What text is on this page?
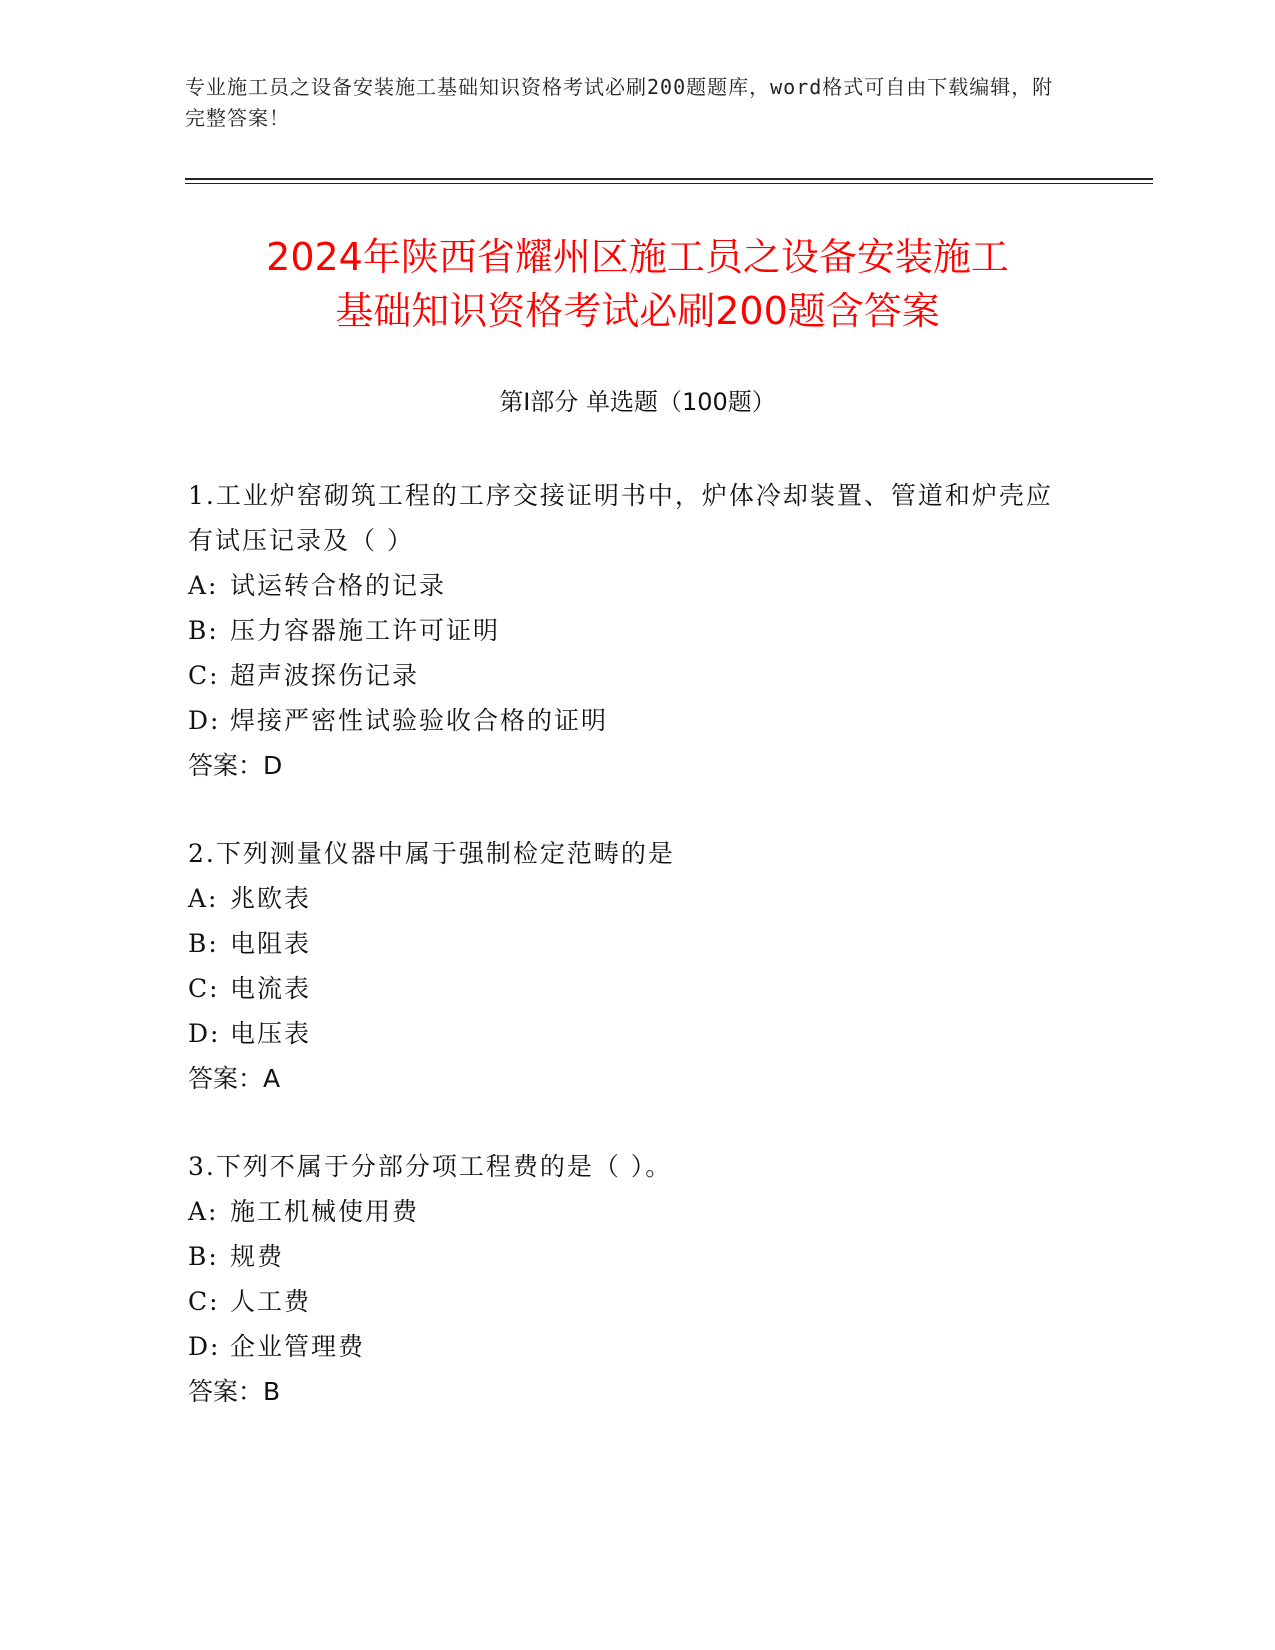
专业施工员之设备安装施工基础知识资格考试必刷200题题库，word格式可自由下载编辑，附完整答案！
2024年陕西省耀州区施工员之设备安装施工
基础知识资格考试必刷200题含答案
第Ⅰ部分 单选题（100题）
1.工业炉窑砌筑工程的工序交接证明书中，炉体冷却装置、管道和炉壳应有试压记录及（ ）
A: 试运转合格的记录
B: 压力容器施工许可证明
C: 超声波探伤记录
D: 焊接严密性试验验收合格的证明
答案：D
2.下列测量仪器中属于强制检定范畴的是
A: 兆欧表
B: 电阻表
C: 电流表
D: 电压表
答案：A
3.下列不属于分部分项工程费的是（ ）。
A: 施工机械使用费
B: 规费
C: 人工费
D: 企业管理费
答案：B
